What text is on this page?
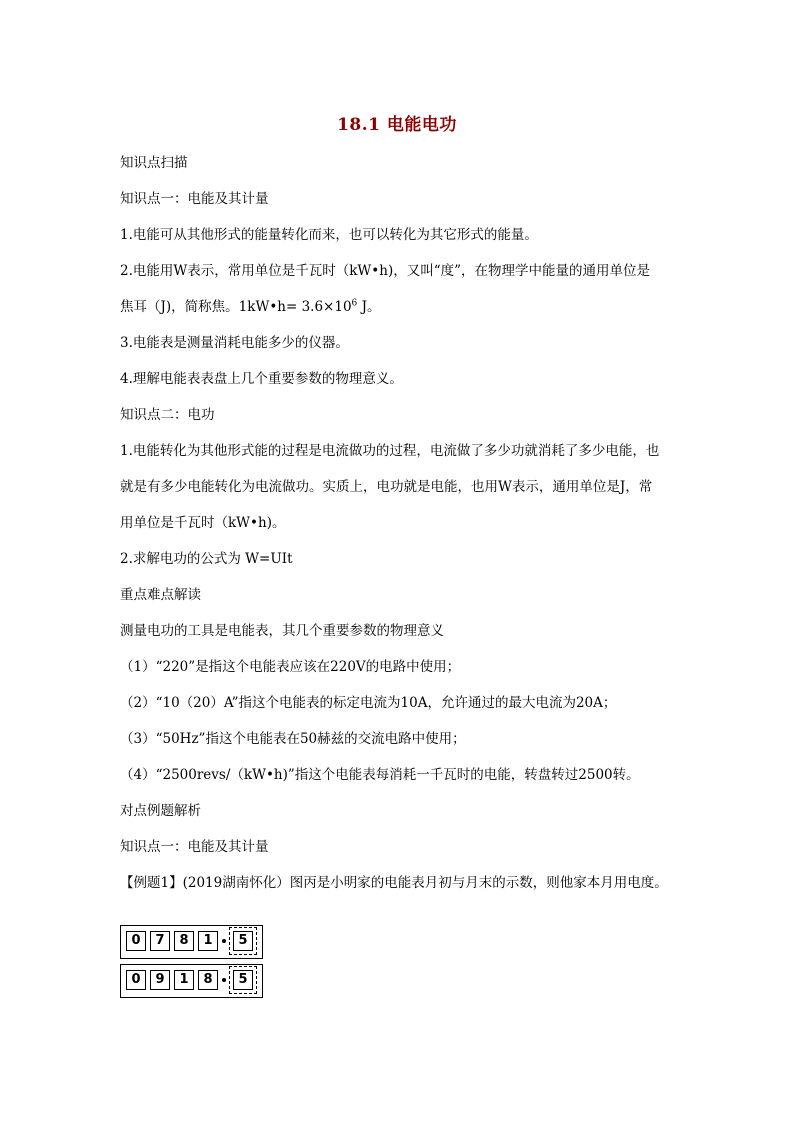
18.1 电能电功
知识点扫描
知识点一：电能及其计量
1.电能可从其他形式的能量转化而来，也可以转化为其它形式的能量。
2.电能用W表示，常用单位是千瓦时（kW•h)，又叫“度”，在物理学中能量的通用单位是
焦耳（J)，简称焦。1kW•h= $3.6\times 10^6$ J。
3.电能表是测量消耗电能多少的仪器。
4.理解电能表表盘上几个重要参数的物理意义。
知识点二：电功
1.电能转化为其他形式能的过程是电流做功的过程，电流做了多少功就消耗了多少电能，也
就是有多少电能转化为电流做功。实质上，电功就是电能，也用W表示，通用单位是J，常
用单位是千瓦时（kW•h)。
2.求解电功的公式为 W=UIt
重点难点解读
测量电功的工具是电能表，其几个重要参数的物理意义
（1）“220”是指这个电能表应该在220V的电路中使用；
（2）“10（20）A”指这个电能表的标定电流为10A，允许通过的最大电流为20A；
（3）“50Hz”指这个电能表在50赫兹的交流电路中使用；
（4）“2500revs/（kW•h)”指这个电能表每消耗一千瓦时的电能，转盘转过2500转。
对点例题解析
知识点一：电能及其计量
【例题1】(2019湖南怀化）图丙是小明家的电能表月初与月末的示数，则他家本月用电度。
0	7	8	1	5
0	9	1	8	5
